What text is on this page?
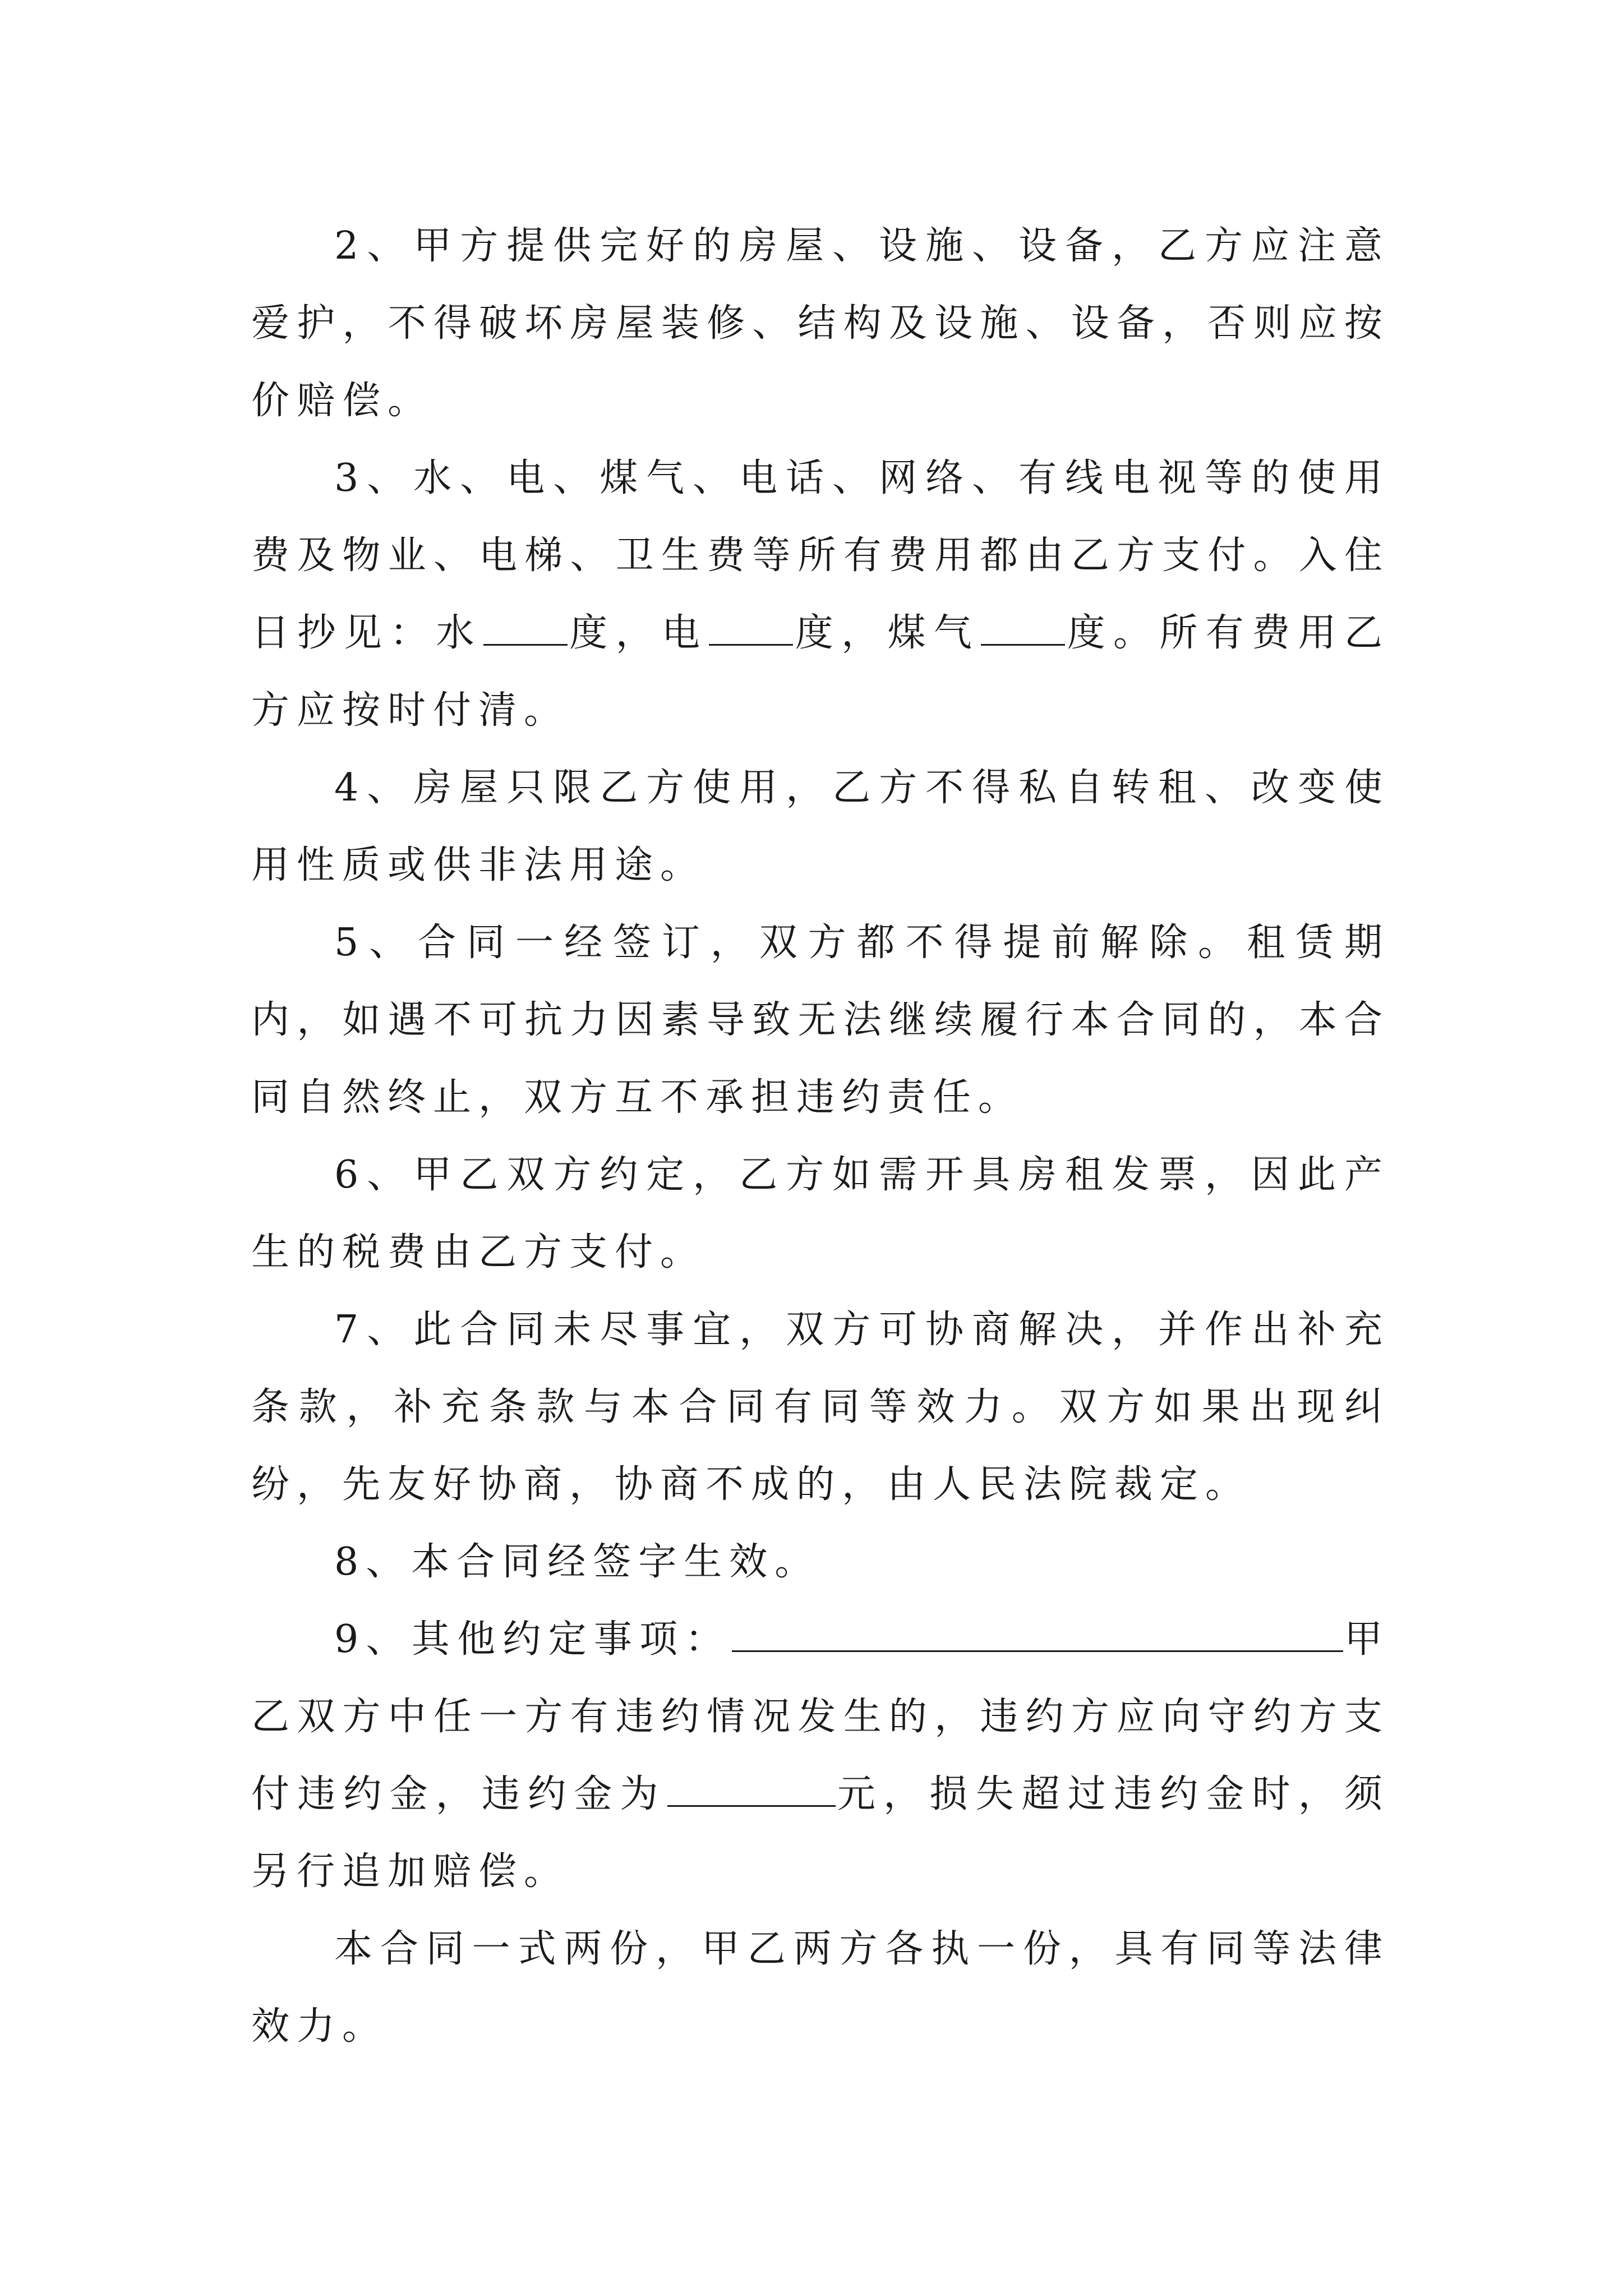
2、甲方提供完好的房屋、设施、设备，乙方应注意爱护，不得破坏房屋装修、结构及设施、设备，否则应按价赔偿。

3、水、电、煤气、电话、网络、有线电视等的使用费及物业、电梯、卫生费等所有费用都由乙方支付。入住日抄见：水 度，电 度，煤气 度。所有费用乙方应按时付清。

4、房屋只限乙方使用，乙方不得私自转租、改变使用性质或供非法用途。

5、合同一经签订，双方都不得提前解除。租赁期内，如遇不可抗力因素导致无法继续履行本合同的，本合同自然终止，双方互不承担违约责任。

6、甲乙双方约定，乙方如需开具房租发票，因此产生的税费由乙方支付。

7、此合同未尽事宜，双方可协商解决，并作出补充条款，补充条款与本合同有同等效力。双方如果出现纠纷，先友好协商，协商不成的，由人民法院裁定。

8、本合同经签字生效。

9、其他约定事项：	甲乙双方中任一方有违约情况发生的，违约方应向守约方支付违约金，违约金为	元，损失超过违约金时，须另行追加赔偿。

本合同一式两份，甲乙两方各执一份，具有同等法律效力。
